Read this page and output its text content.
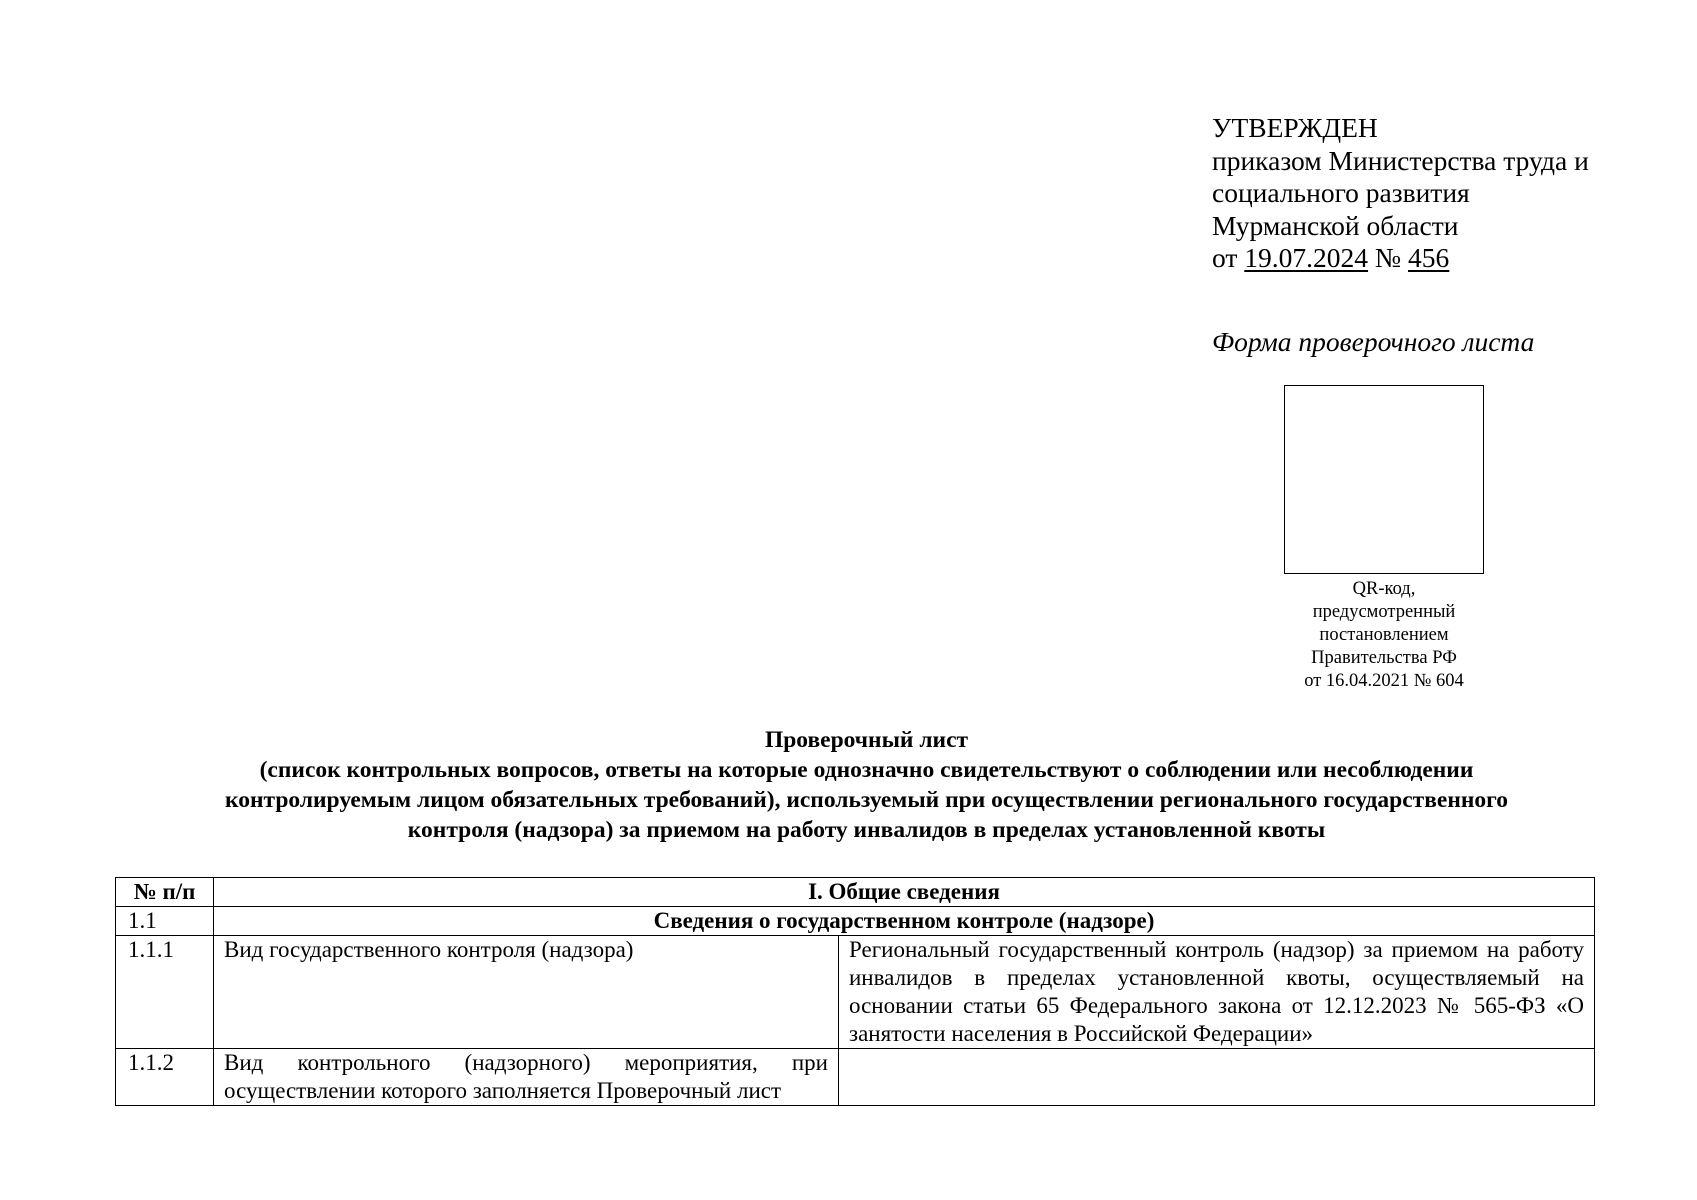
УТВЕРЖДЕН
приказом Министерства труда и
социального развития
Мурманской области
от 19.07.2024 № 456
Форма проверочного листа
QR-код,
предусмотренный
постановлением
Правительства РФ
от 16.04.2021 № 604
Проверочный лист
(список контрольных вопросов, ответы на которые однозначно свидетельствуют о соблюдении или несоблюдении
контролируемым лицом обязательных требований), используемый при осуществлении регионального государственного
контроля (надзора) за приемом на работу инвалидов в пределах установленной квоты
№ п/п	I. Общие сведения	
1.1	Сведения о государственном контроле (надзоре)	
1.1.1	Вид государственного контроля (надзора)	Региональный государственный контроль (надзор) за приемом на работу инвалидов в пределах установленной квоты, осуществляемый на основании статьи 65 Федерального закона от 12.12.2023 № 565-ФЗ «О занятости населения в Российской Федерации»
1.1.2	Вид контрольного (надзорного) мероприятия, при осуществлении которого заполняется Проверочный лист	
